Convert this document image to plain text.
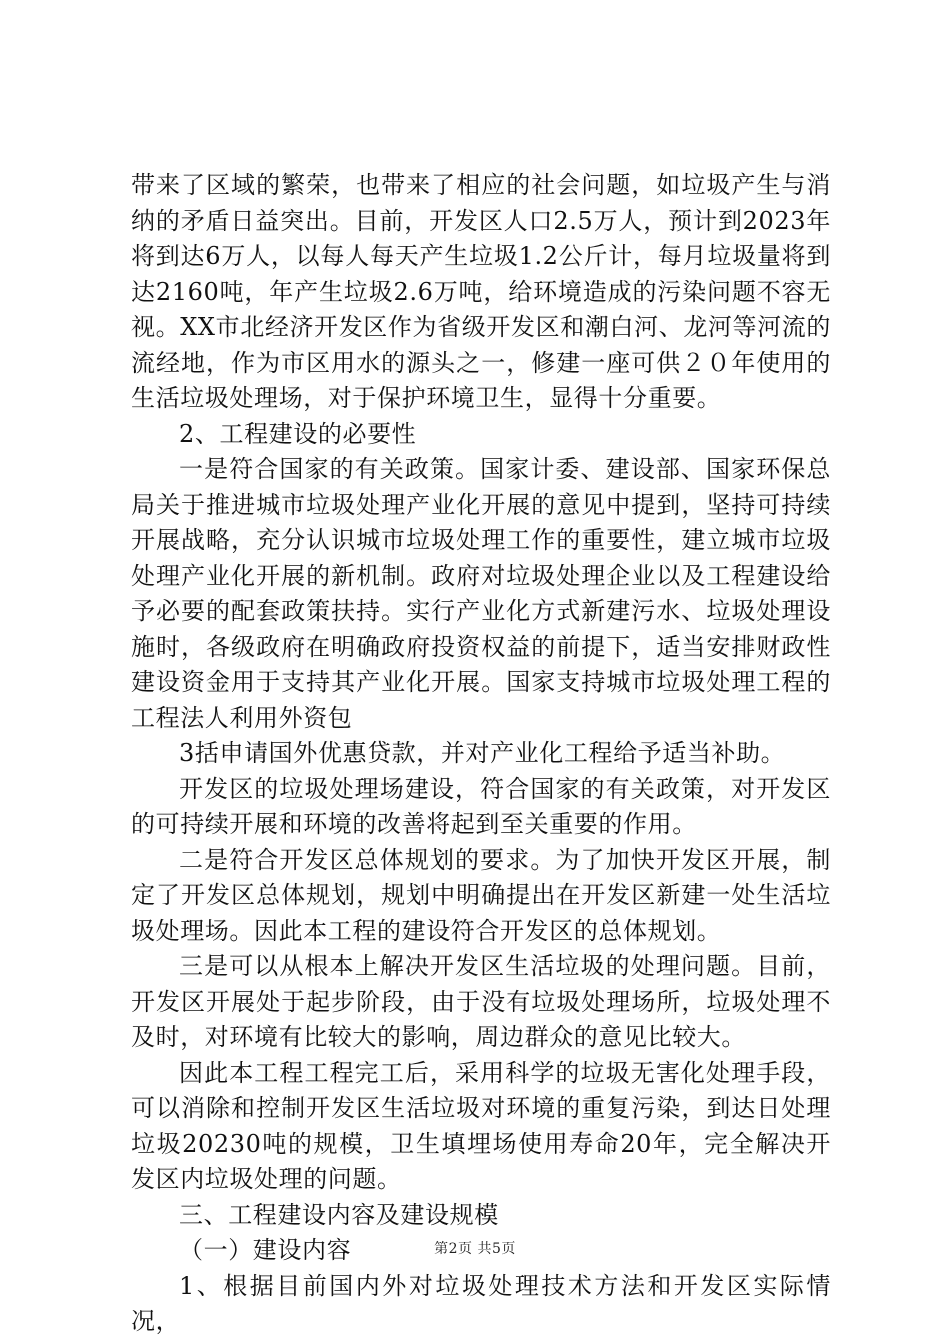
带来了区域的繁荣，也带来了相应的社会问题，如垃圾产生与消纳的矛盾日益突出。目前，开发区人口2.5万人，预计到2023年将到达6万人，以每人每天产生垃圾1.2公斤计，每月垃圾量将到达2160吨，年产生垃圾2.6万吨，给环境造成的污染问题不容无视。XX市北经济开发区作为省级开发区和潮白河、龙河等河流的流经地，作为市区用水的源头之一，修建一座可供２０年使用的生活垃圾处理场，对于保护环境卫生，显得十分重要。

2、工程建设的必要性

一是符合国家的有关政策。国家计委、建设部、国家环保总局关于推进城市垃圾处理产业化开展的意见中提到，坚持可持续开展战略，充分认识城市垃圾处理工作的重要性，建立城市垃圾处理产业化开展的新机制。政府对垃圾处理企业以及工程建设给予必要的配套政策扶持。实行产业化方式新建污水、垃圾处理设施时，各级政府在明确政府投资权益的前提下，适当安排财政性建设资金用于支持其产业化开展。国家支持城市垃圾处理工程的工程法人利用外资包

3括申请国外优惠贷款，并对产业化工程给予适当补助。

开发区的垃圾处理场建设，符合国家的有关政策，对开发区的可持续开展和环境的改善将起到至关重要的作用。

二是符合开发区总体规划的要求。为了加快开发区开展，制定了开发区总体规划，规划中明确提出在开发区新建一处生活垃圾处理场。因此本工程的建设符合开发区的总体规划。

三是可以从根本上解决开发区生活垃圾的处理问题。目前，开发区开展处于起步阶段，由于没有垃圾处理场所，垃圾处理不及时，对环境有比较大的影响，周边群众的意见比较大。

因此本工程工程完工后，采用科学的垃圾无害化处理手段，可以消除和控制开发区生活垃圾对环境的重复污染，到达日处理垃圾20230吨的规模，卫生填埋场使用寿命20年，完全解决开发区内垃圾处理的问题。

三、工程建设内容及建设规模

（一）建设内容

1、根据目前国内外对垃圾处理技术方法和开发区实际情况，

第2页 共5页
